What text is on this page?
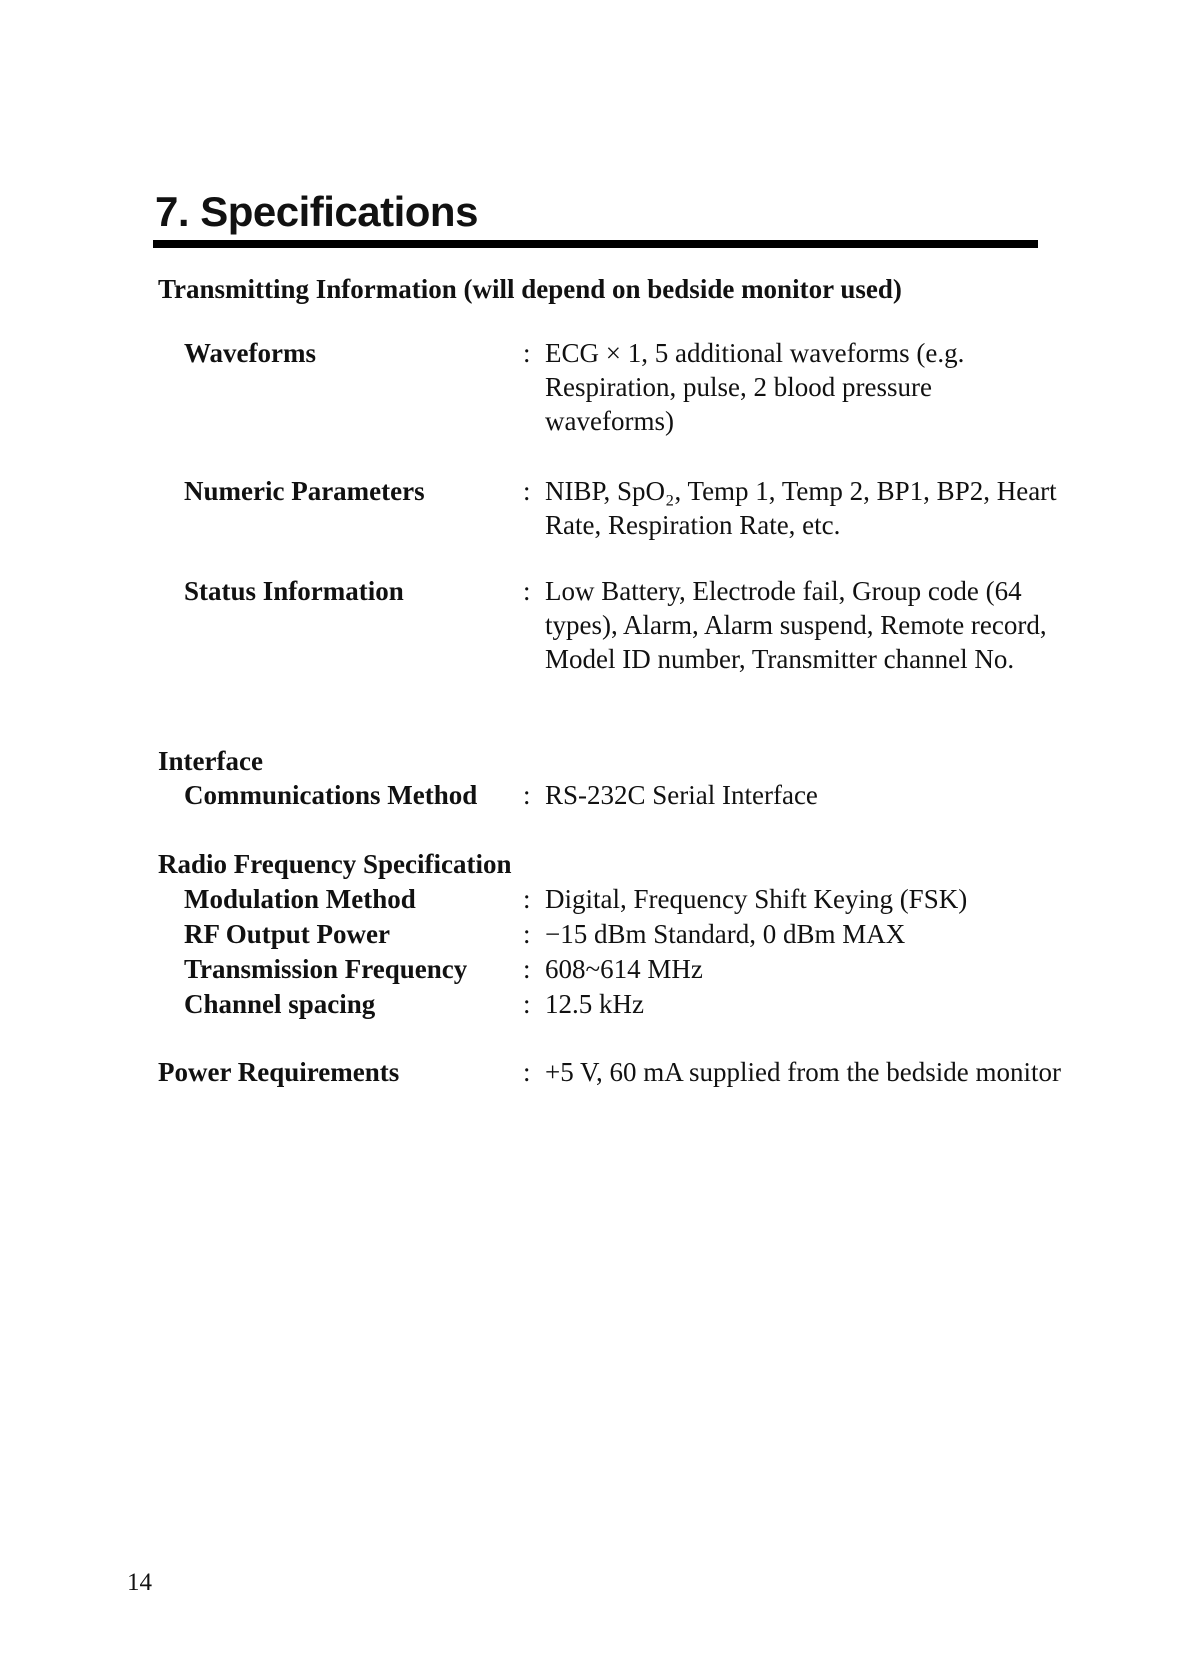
7. Specifications
Transmitting Information (will depend on bedside monitor used)
Waveforms	: ECG × 1, 5 additional waveforms (e.g. Respiration, pulse, 2 blood pressure waveforms)
Numeric Parameters	: NIBP, SpO₂, Temp 1, Temp 2, BP1, BP2, Heart Rate, Respiration Rate, etc.
Status Information	: Low Battery, Electrode fail, Group code (64 types), Alarm, Alarm suspend, Remote record, Model ID number, Transmitter channel No.
Interface
Communications Method : RS-232C Serial Interface
Radio Frequency Specification
Modulation Method	: Digital, Frequency Shift Keying (FSK)
RF Output Power	: −15 dBm Standard, 0 dBm MAX
Transmission Frequency : 608~614 MHz
Channel spacing	: 12.5 kHz
Power Requirements	: +5 V, 60 mA supplied from the bedside monitor
14
